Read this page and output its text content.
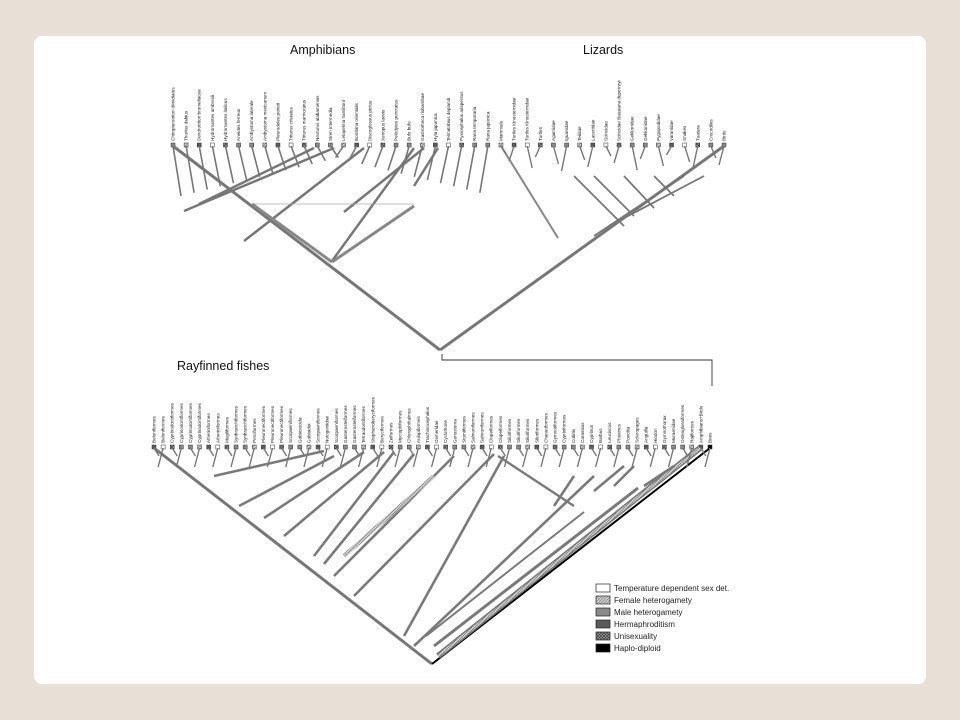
Amphibians	Lizards
Rayfinned fishes
Chiropterotriton dimidiatus Thorius dabius Dendrotriton bromeliacea Hydromantes ambrosii Hydromantes italicus Aneides ferreus Ambystoma laterale Ambystoma mexicanum Pleurodeles poireti Triturus cristatus Triturus marmoratus Necturus alabamensis Siren intermedia Leiopelma hamiltoni Bombina orientalis Discoglossus pictus Xenopus laevis Pelodytes punctatus Bufo bufo Gastrotheca riobambae Hyla japonica Telmatobius deplandi Pyxicephalus adspersus Rana temporaria Rana japonica Mammals Turtles Kinosternidae Turtles Kinosternidae Turtles Agamidae Iguanidae Teiidae Lacertidae Scincidae Scincidae Bassiana duperreyi Gekkonidae Gekkonidae Pygopodidae Varanidae Snakes Tuatara Crocodiles Birds
Beloniformes Beloniformes Cyprinodontiformes Cyprinodontiformes Cyprinodontiformes Cyprinodontiformes Atheriniformes Atheriniformes Mugiliformes Synbranchiformes Synbranchiformes Perciformes Pleuronectiformes Pleuronectiformes Pleuronectiformes Scorpaeniformes Gobiesocida Gobioidei Scorpaeniformes Notogeniidae Scorpaeniformes Gasterosteiformes Gasterosteiformes Tetraodontiformes Stephanoberyciformes Beryciformes Zeiformes Myctophiformes Chlorophthalmus Aulopiformes Trachinocephalus Osmeridae Cyclothone Gonostoma Stomiiformes Salmoniformes Salmoniformes Clupeiformes Clupeiformes Siluriformes Siluriformes Siluriformes Siluriformes Characiformes Gymnotiformes Cypriniformes Cobitis Carassius Cyprinus Barbus Leuciscus Phoxinus Poecilia Scleropages Anguilla Hiodon Gymnothorax Muraenidae Osteoglossiformes Rajiformes Amphibians+Birds Bees
Temperature dependent sex det.
Female heterogamety
Male heterogamety
Hermaphroditism
Unisexuality
Haplo-diploid
